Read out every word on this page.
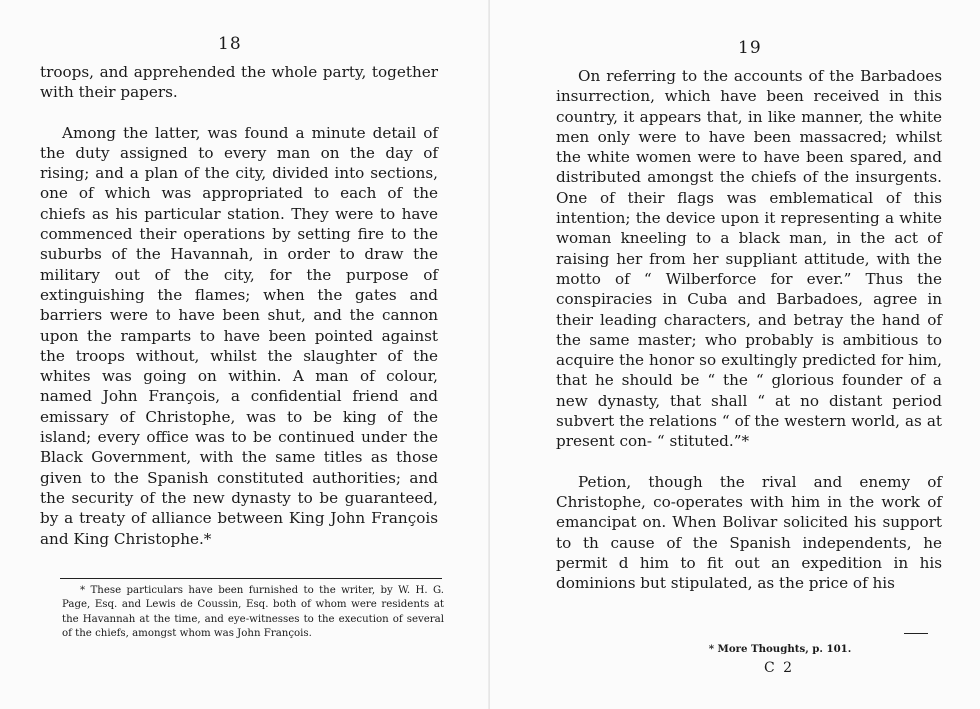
18

troops, and apprehended the whole party, together with their papers.

Among the latter, was found a minute detail of the duty assigned to every man on the day of rising; and a plan of the city, divided into sections, one of which was appropriated to each of the chiefs as his particular station. They were to have commenced their operations by setting fire to the suburbs of the Havannah, in order to draw the military out of the city, for the purpose of extinguishing the flames; when the gates and barriers were to have been shut, and the cannon upon the ramparts to have been pointed against the troops without, whilst the slaughter of the whites was going on within. A man of colour, named John François, a confidential friend and emissary of Christophe, was to be king of the island; every office was to be continued under the Black Government, with the same titles as those given to the Spanish constituted authorities; and the security of the new dynasty to be guaranteed, by a treaty of alliance between King John François and King Christophe.*

* These particulars have been furnished to the writer, by W. H. G. Page, Esq. and Lewis de Coussin, Esq. both of whom were residents at the Havannah at the time, and eye-witnesses to the execution of several of the chiefs, amongst whom was John François.
19

On referring to the accounts of the Barbadoes insurrection, which have been received in this country, it appears that, in like manner, the white men only were to have been massacred; whilst the white women were to have been spared, and distributed amongst the chiefs of the insurgents. One of their flags was emblematical of this intention; the device upon it representing a white woman kneeling to a black man, in the act of raising her from her suppliant attitude, with the motto of “ Wilberforce for ever.” Thus the conspiracies in Cuba and Barbadoes, agree in their leading characters, and betray the hand of the same master; who probably is ambitious to acquire the honor so exultingly predicted for him, that he should be “ the “ glorious founder of a new dynasty, that shall “ at no distant period subvert the relations “ of the western world, as at present con- “ stituted.”*

Petion, though the rival and enemy of Christophe, co-operates with him in the work of emancipat on. When Bolivar solicited his support to th cause of the Spanish independents, he permit d him to fit out an expedition in his dominions but stipulated, as the price of his

* More Thoughts, p. 101.
C 2
